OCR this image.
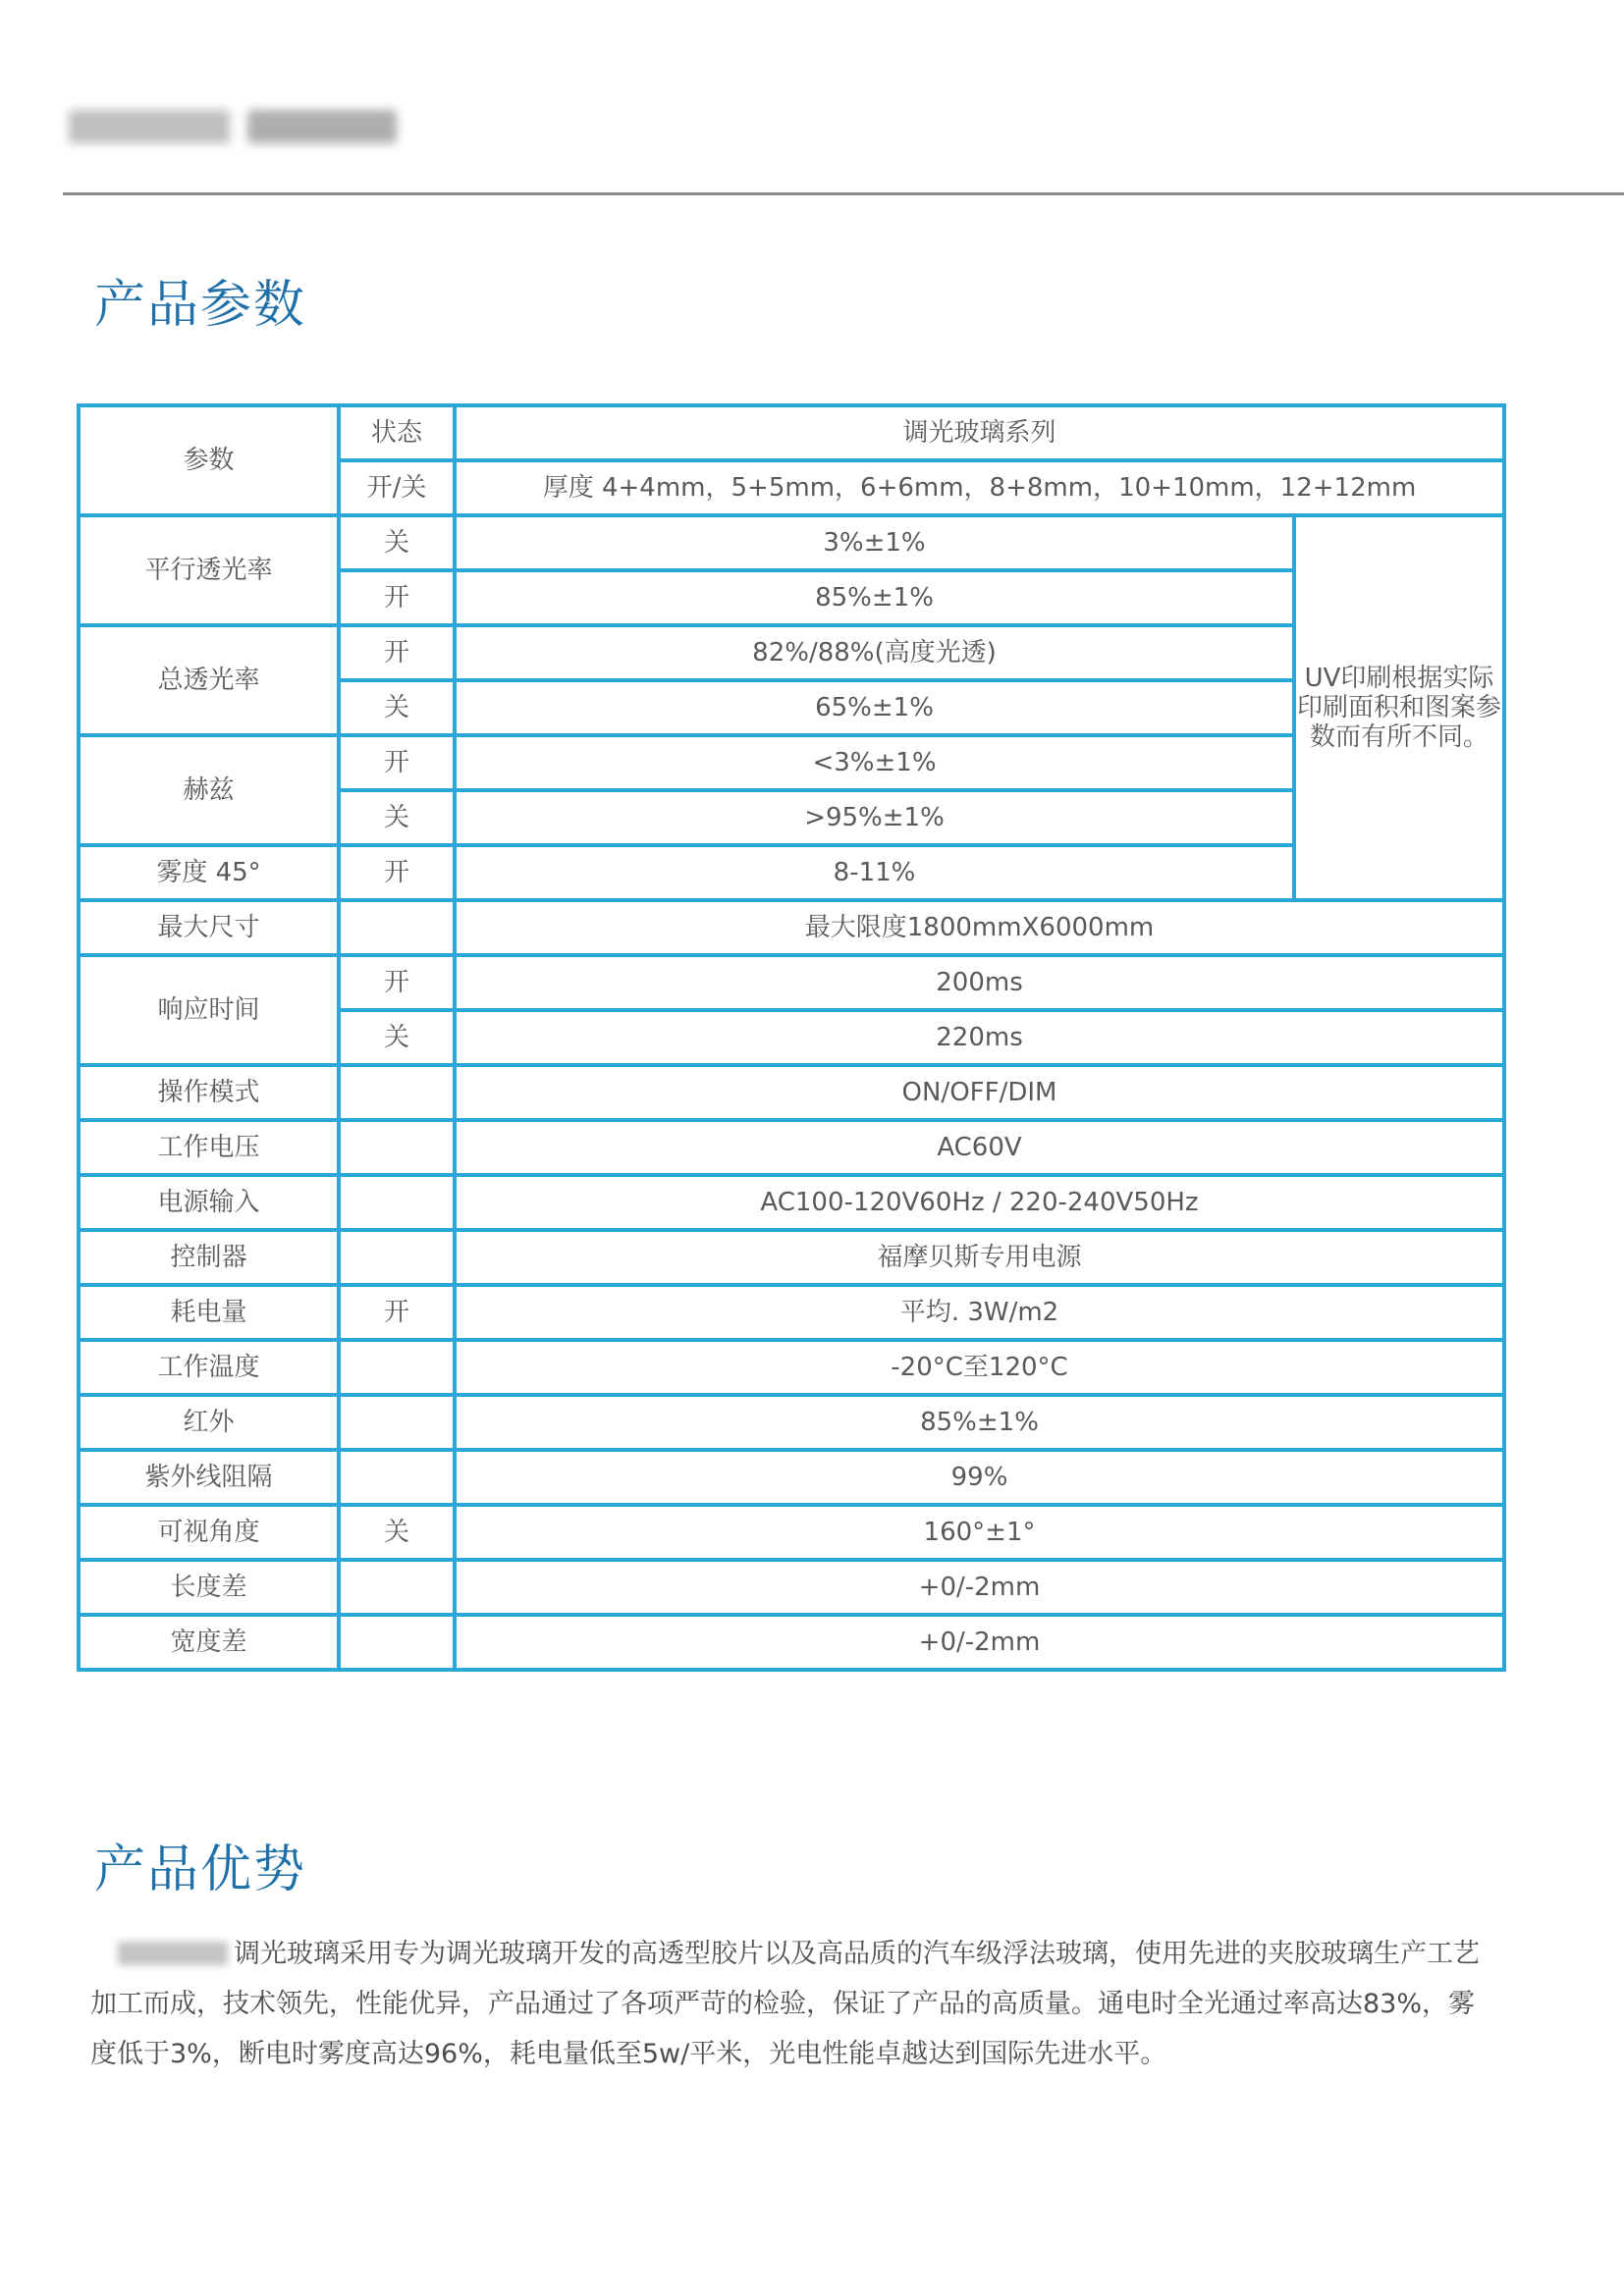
产品参数
参数	状态	调光玻璃系列	
	开/关	厚度 4+4mm，5+5mm，6+6mm，8+8mm，10+10mm，12+12mm	
平行透光率	关	3%±1%	UV印刷根据实际印刷面积和图案参数而有所不同。
	开	85%±1%	
总透光率	开	82%/88%(高度光透)	
	关	65%±1%	
赫兹	开	<3%±1%	
	关	>95%±1%	
雾度 45°	开	8-11%	
最大尺寸		最大限度1800mmX6000mm	
响应时间	开	200ms	
	关	220ms	
操作模式		ON/OFF/DIM	
工作电压		AC60V	
电源输入		AC100-120V60Hz / 220-240V50Hz	
控制器		福摩贝斯专用电源	
耗电量	开	平均. 3W/m2	
工作温度		-20°C至120°C	
红外		85%±1%	
紫外线阻隔		99%	
可视角度	关	160°±1°	
长度差		+0/-2mm	
宽度差		+0/-2mm	
产品优势

调光玻璃采用专为调光玻璃开发的高透型胶片以及高品质的汽车级浮法玻璃，使用先进的夹胶玻璃生产工艺加工而成，技术领先，性能优异，产品通过了各项严苛的检验，保证了产品的高质量。通电时全光通过率高达83%，雾度低于3%，断电时雾度高达96%，耗电量低至5w/平米，光电性能卓越达到国际先进水平。
